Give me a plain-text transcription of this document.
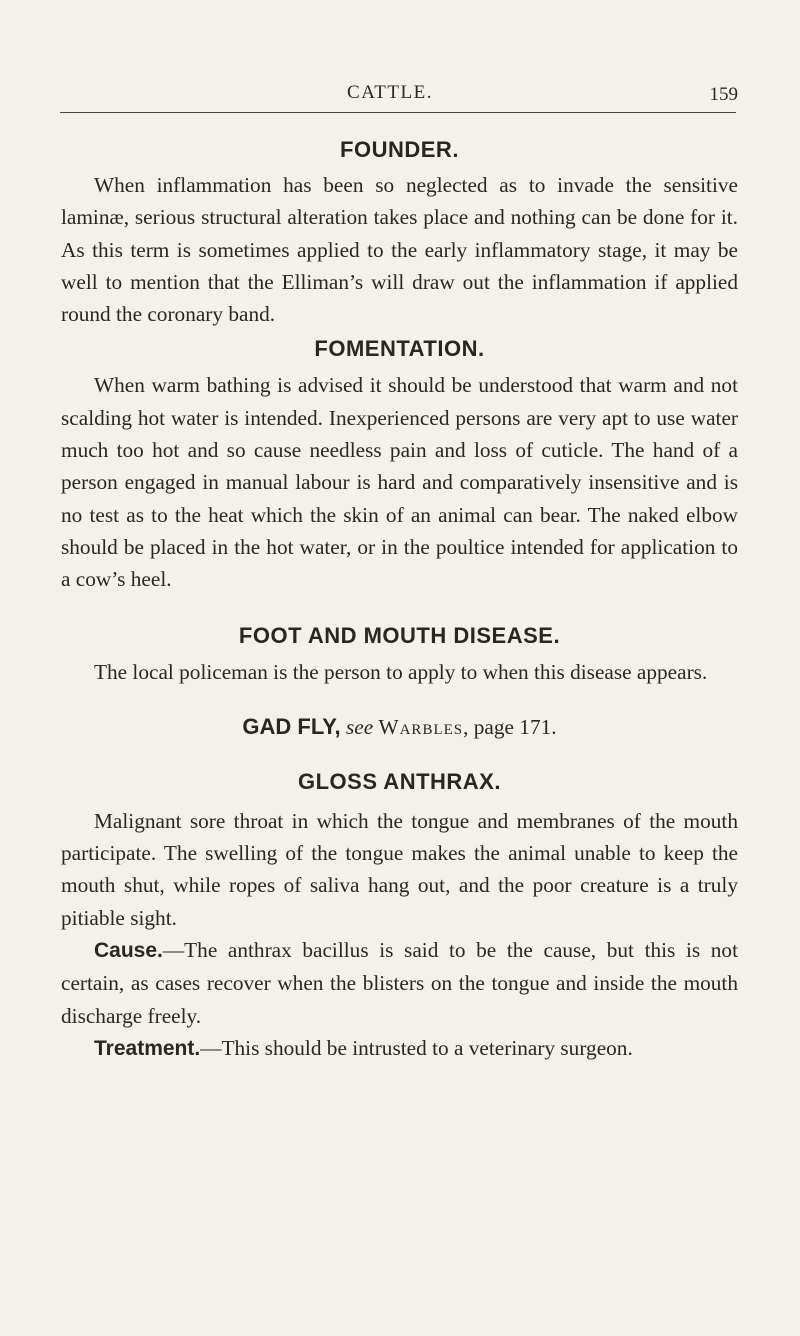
CATTLE.	159
FOUNDER.

When inflammation has been so neglected as to invade the sensitive laminæ, serious structural alteration takes place and nothing can be done for it. As this term is sometimes applied to the early inflammatory stage, it may be well to mention that the Elliman’s will draw out the inflammation if applied round the coronary band.

FOMENTATION.

When warm bathing is advised it should be understood that warm and not scalding hot water is intended. Inexperienced persons are very apt to use water much too hot and so cause needless pain and loss of cuticle. The hand of a person engaged in manual labour is hard and comparatively insensitive and is no test as to the heat which the skin of an animal can bear. The naked elbow should be placed in the hot water, or in the poultice intended for application to a cow’s heel.

FOOT AND MOUTH DISEASE.

The local policeman is the person to apply to when this disease appears.

GAD FLY, see Warbles, page 171.
GLOSS ANTHRAX.

Malignant sore throat in which the tongue and membranes of the mouth participate. The swelling of the tongue makes the animal unable to keep the mouth shut, while ropes of saliva hang out, and the poor creature is a truly pitiable sight.

Cause.—The anthrax bacillus is said to be the cause, but this is not certain, as cases recover when the blisters on the tongue and inside the mouth discharge freely.

Treatment.—This should be intrusted to a veterinary surgeon.
